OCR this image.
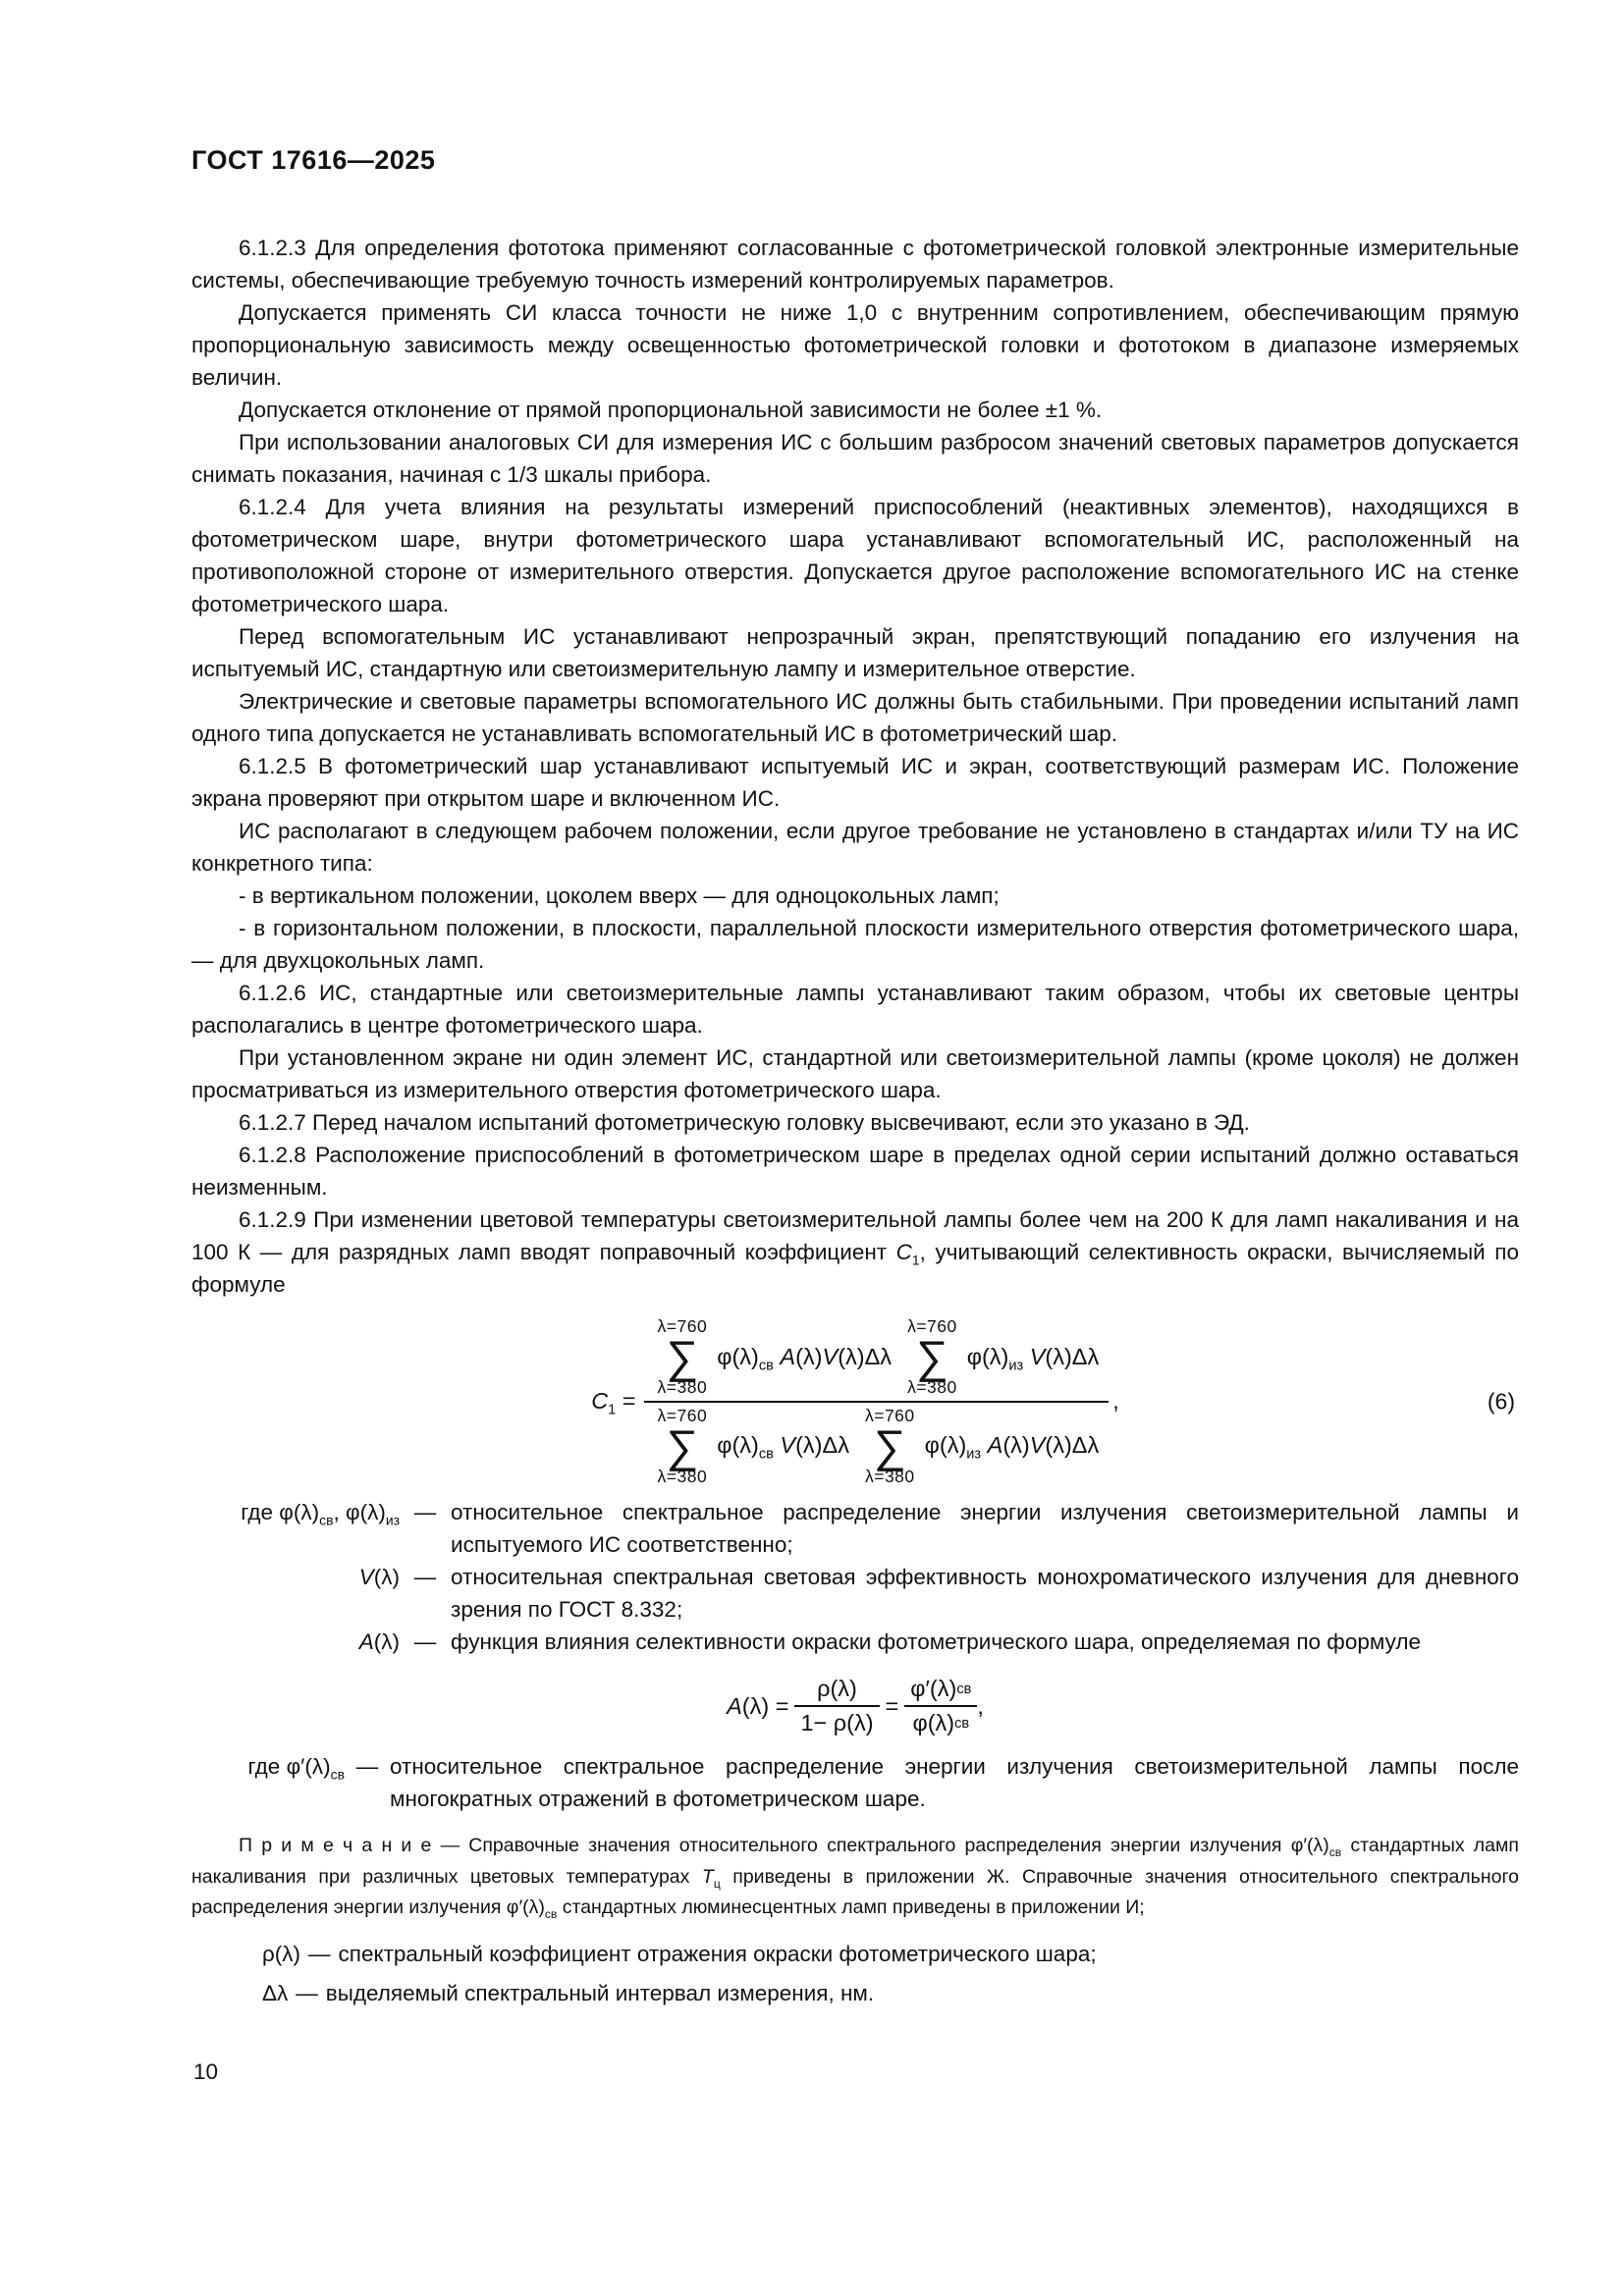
ГОСТ 17616—2025

6.1.2.3 Для определения фототока применяют согласованные с фотометрической головкой электронные измерительные системы, обеспечивающие требуемую точность измерений контролируемых параметров.

Допускается применять СИ класса точности не ниже 1,0 с внутренним сопротивлением, обеспечивающим прямую пропорциональную зависимость между освещенностью фотометрической головки и фототоком в диапазоне измеряемых величин.

Допускается отклонение от прямой пропорциональной зависимости не более ±1 %.

При использовании аналоговых СИ для измерения ИС с большим разбросом значений световых параметров допускается снимать показания, начиная с 1/3 шкалы прибора.

6.1.2.4 Для учета влияния на результаты измерений приспособлений (неактивных элементов), находящихся в фотометрическом шаре, внутри фотометрического шара устанавливают вспомогательный ИС, расположенный на противоположной стороне от измерительного отверстия. Допускается другое расположение вспомогательного ИС на стенке фотометрического шара.

Перед вспомогательным ИС устанавливают непрозрачный экран, препятствующий попаданию его излучения на испытуемый ИС, стандартную или светоизмерительную лампу и измерительное отверстие.

Электрические и световые параметры вспомогательного ИС должны быть стабильными. При проведении испытаний ламп одного типа допускается не устанавливать вспомогательный ИС в фотометрический шар.

6.1.2.5 В фотометрический шар устанавливают испытуемый ИС и экран, соответствующий размерам ИС. Положение экрана проверяют при открытом шаре и включенном ИС.

ИС располагают в следующем рабочем положении, если другое требование не установлено в стандартах и/или ТУ на ИС конкретного типа:

- в вертикальном положении, цоколем вверх — для одноцокольных ламп;

- в горизонтальном положении, в плоскости, параллельной плоскости измерительного отверстия фотометрического шара, — для двухцокольных ламп.

6.1.2.6 ИС, стандартные или светоизмерительные лампы устанавливают таким образом, чтобы их световые центры располагались в центре фотометрического шара.

При установленном экране ни один элемент ИС, стандартной или светоизмерительной лампы (кроме цоколя) не должен просматриваться из измерительного отверстия фотометрического шара.

6.1.2.7 Перед началом испытаний фотометрическую головку высвечивают, если это указано в ЭД.

6.1.2.8 Расположение приспособлений в фотометрическом шаре в пределах одной серии испытаний должно оставаться неизменным.

6.1.2.9 При изменении цветовой температуры светоизмерительной лампы более чем на 200 К для ламп накаливания и на 100 К — для разрядных ламп вводят поправочный коэффициент $C_1$, учитывающий селективность окраски, вычисляемый по формуле

$C_1$ =
λ=760
∑
λ=380
$\varphi(\lambda)_{св}$ A(λ)V(λ)Δλ
λ=760
∑
λ=380
$\varphi(\lambda)_{из}$ V(λ)Δλ
λ=760
∑
λ=380
$\varphi(\lambda)_{св}$ V(λ)Δλ
λ=760
∑
λ=380
$\varphi(\lambda)_{из}$ A(λ)V(λ)Δλ
,	(6)
где $\varphi(\lambda)_{св}$, $\varphi(\lambda)_{из}$ — относительное спектральное распределение энергии излучения светоизмерительной лампы и испытуемого ИС соответственно;
V(λ) — относительная спектральная световая эффективность монохроматического излучения для дневного зрения по ГОСТ 8.332;
A(λ) — функция влияния селективности окраски фотометрического шара, определяемая по формуле
$A(\lambda) = \frac{\rho(\lambda)}{1- \rho(\lambda)} = \frac{\varphi'(\lambda) св}{\varphi(\lambda) св}$ ,
где $\varphi'(\lambda)_{св}$ — относительное спектральное распределение энергии излучения светоизмерительной лампы после многократных отражений в фотометрическом шаре.

П р и м е ч а н и е — Справочные значения относительного спектрального распределения энергии излучения $\varphi'(\lambda)_{св}$ стандартных ламп накаливания при различных цветовых температурах $Т_ц$ приведены в приложении Ж. Справочные значения относительного спектрального распределения энергии излучения $\varphi'(\lambda)_{св}$ стандартных люминесцентных ламп приведены в приложении И;

ρ(λ) — спектральный коэффициент отражения окраски фотометрического шара;

Δλ — выделяемый спектральный интервал измерения, нм.

10
